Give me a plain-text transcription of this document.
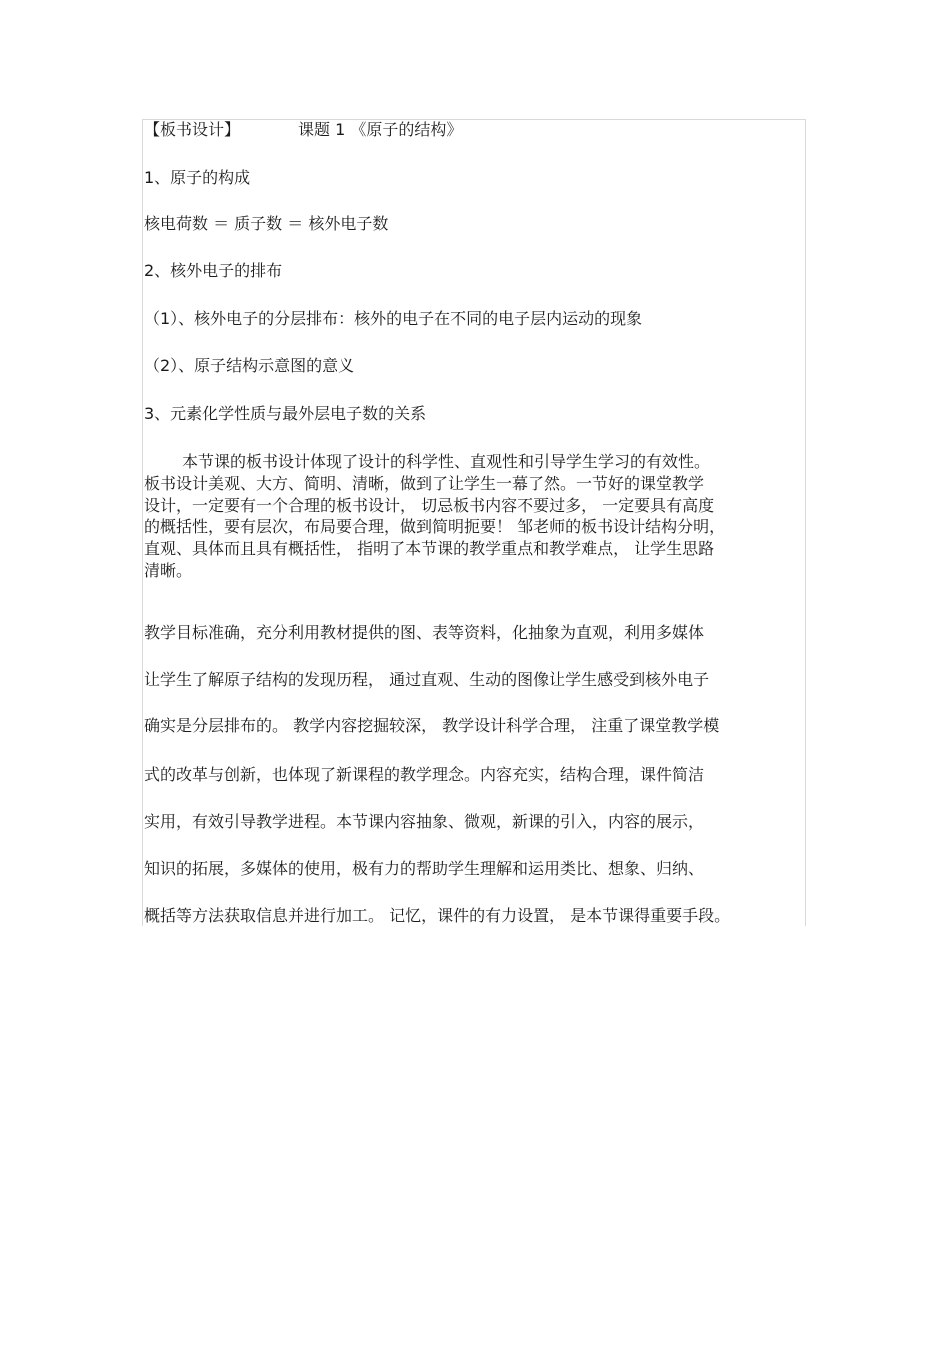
【板书设计】	课题 1 《原子的结构》
1、原子的构成
核电荷数 ＝ 质子数 ＝ 核外电子数
2、核外电子的排布
（1）、核外电子的分层排布：核外的电子在不同的电子层内运动的现象
（2）、原子结构示意图的意义
3、元素化学性质与最外层电子数的关系
本节课的板书设计体现了设计的科学性、直观性和引导学生学习的有效性。
板书设计美观、大方、简明、清晰，做到了让学生一幕了然。一节好的课堂教学
设计，一定要有一个合理的板书设计， 切忌板书内容不要过多， 一定要具有高度
的概括性，要有层次，布局要合理，做到简明扼要！ 邹老师的板书设计结构分明，
直观、具体而且具有概括性， 指明了本节课的教学重点和教学难点， 让学生思路
清晰。
教学目标准确，充分利用教材提供的图、表等资料，化抽象为直观，利用多媒体
让学生了解原子结构的发现历程， 通过直观、生动的图像让学生感受到核外电子
确实是分层排布的。 教学内容挖掘较深， 教学设计科学合理， 注重了课堂教学模
式的改革与创新，也体现了新课程的教学理念。内容充实，结构合理，课件简洁
实用，有效引导教学进程。本节课内容抽象、微观，新课的引入，内容的展示，
知识的拓展，多媒体的使用，极有力的帮助学生理解和运用类比、想象、归纳、
概括等方法获取信息并进行加工。 记忆，课件的有力设置， 是本节课得重要手段。
